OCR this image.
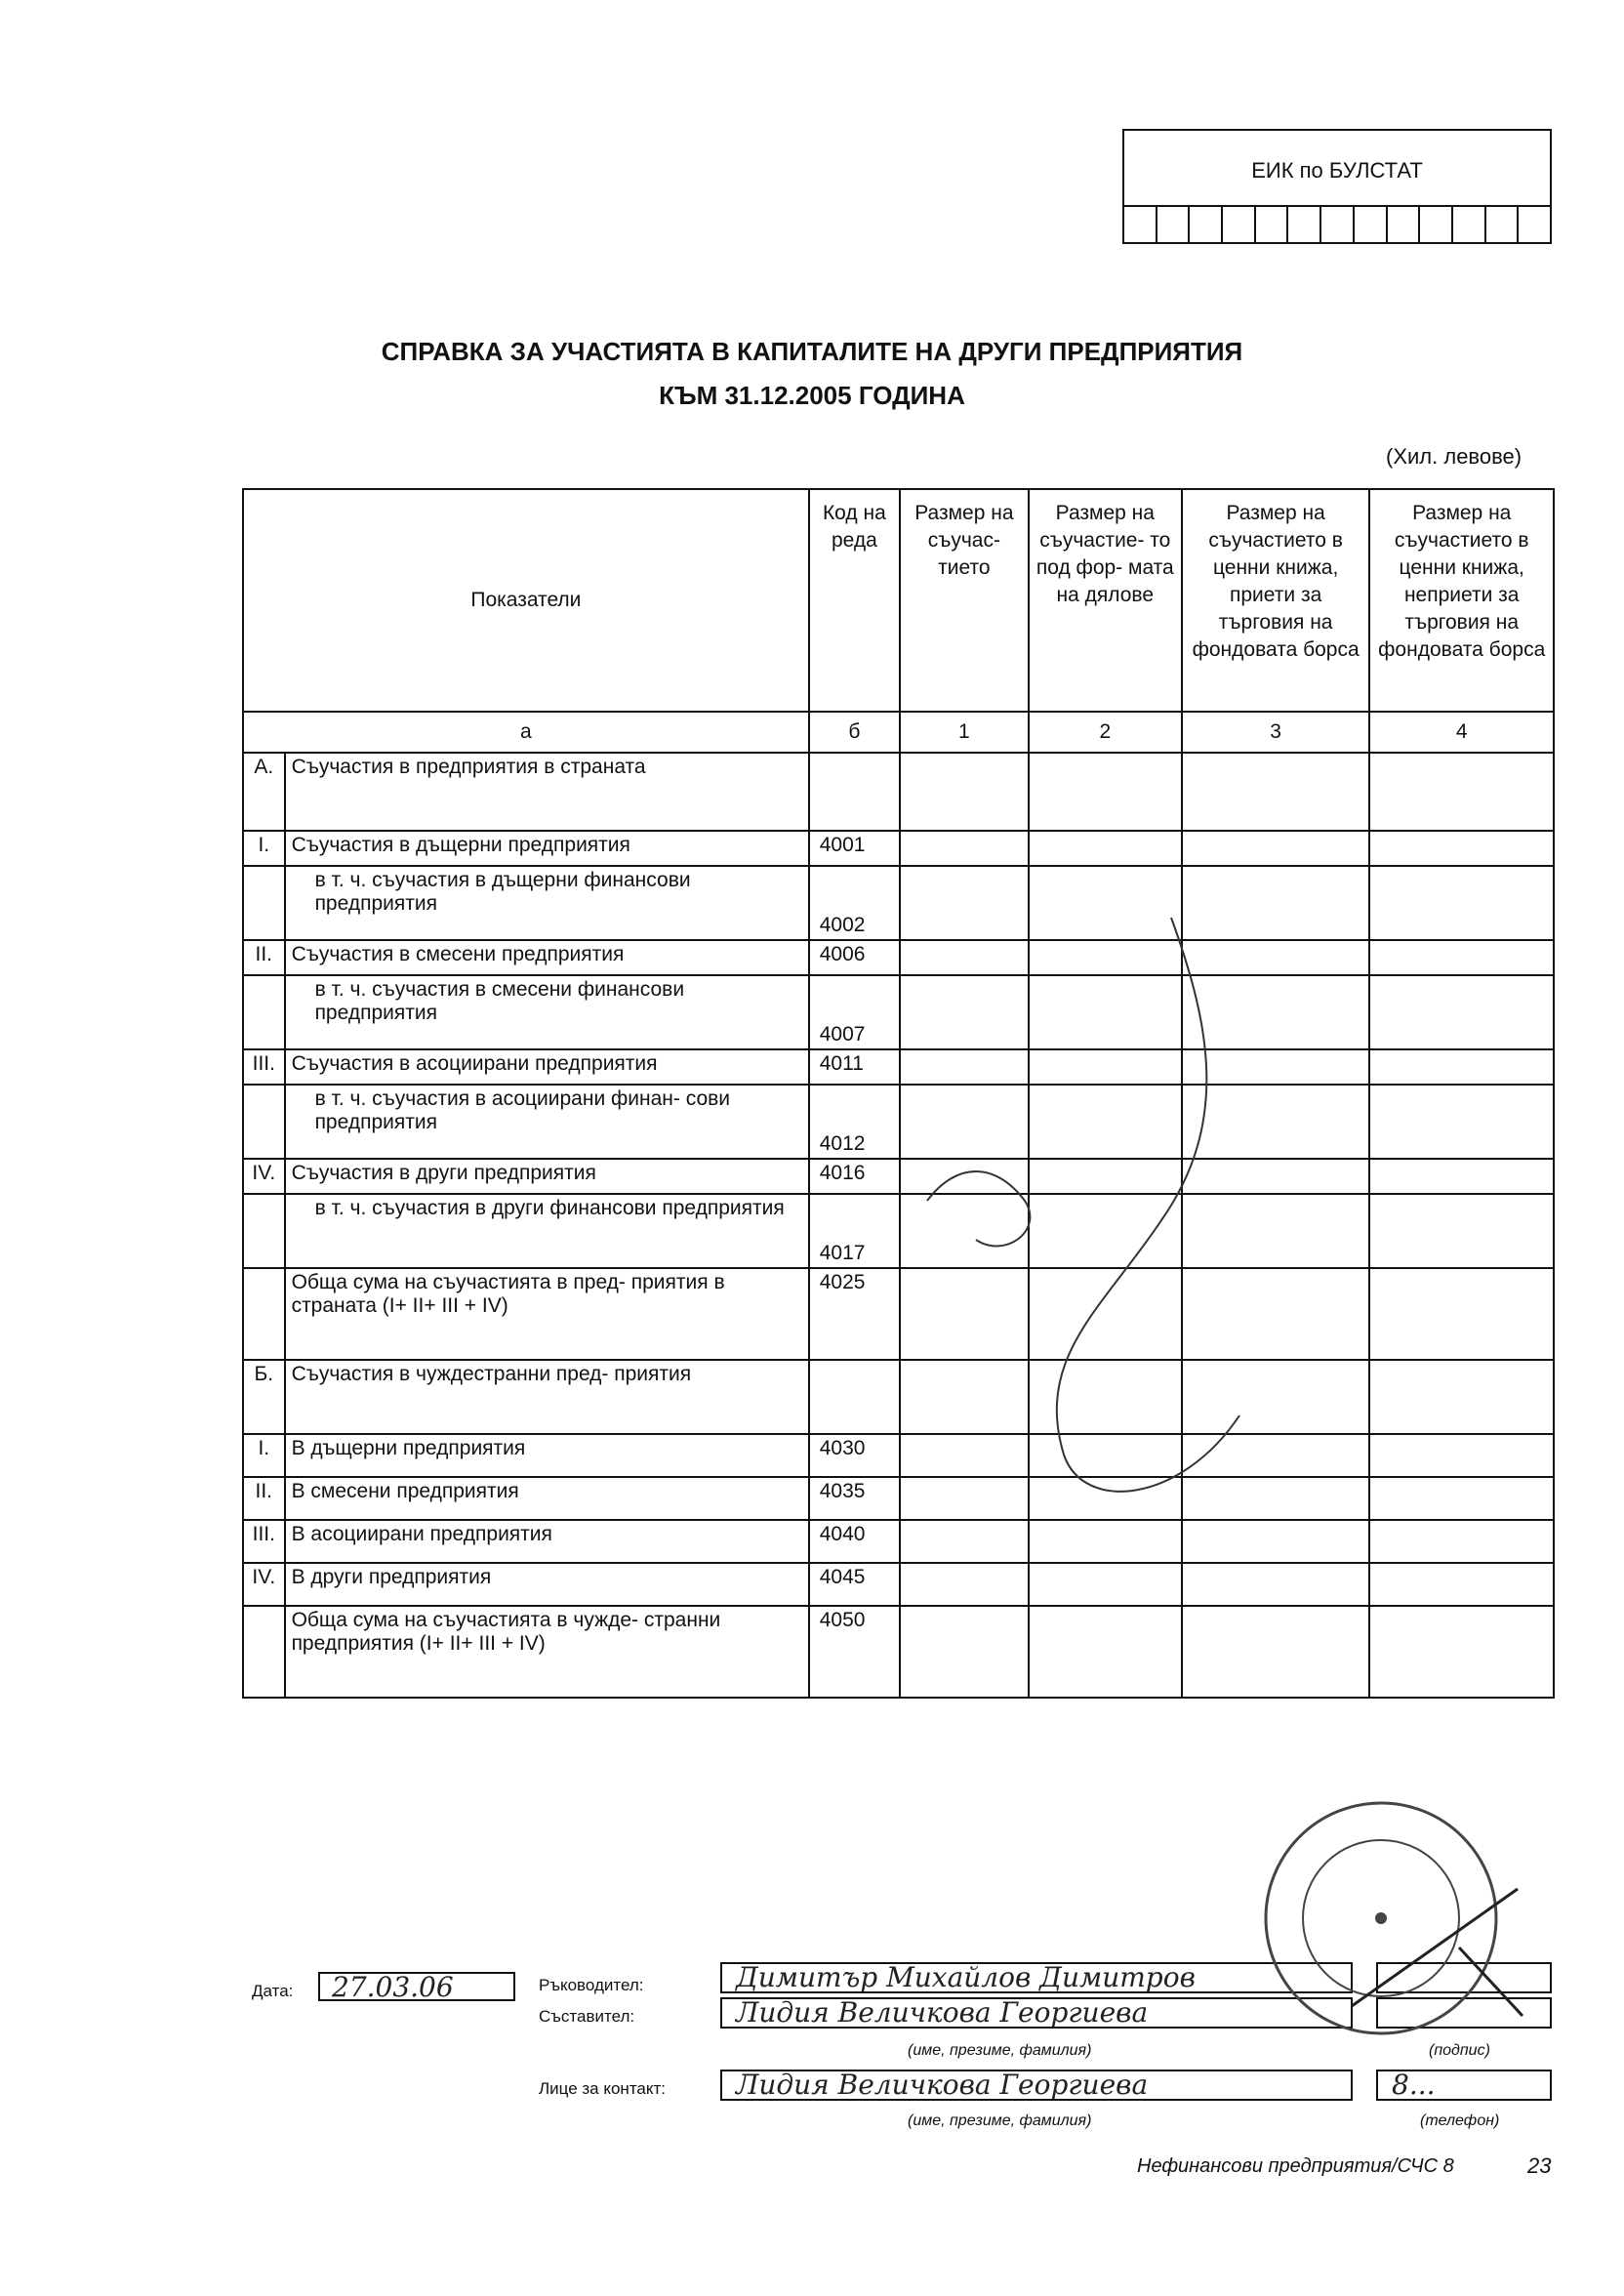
ЕИК по БУЛСТАТ
СПРАВКА ЗА УЧАСТИЯТА В КАПИТАЛИТЕ НА ДРУГИ ПРЕДПРИЯТИЯ
КЪМ 31.12.2005 ГОДИНА
(Хил. левове)
Показатели		Код на реда	Размер на съучас- тието	Размер на съучастие- то под фор- мата на дялове	Размер на съучастието в ценни книжа, приети за търговия на фондовата борса	Размер на съучастието в ценни книжа, неприети за търговия на фондовата борса
а		б	1	2	3	4
А.	Съучастия в предприятия в страната					
I.	Съучастия в дъщерни предприятия	4001				
	в т. ч. съучастия в дъщерни финансови предприятия	4002				
II.	Съучастия в смесени предприятия	4006				
	в т. ч. съучастия в смесени финансови предприятия	4007				
III.	Съучастия в асоциирани предприятия	4011				
	в т. ч. съучастия в асоциирани финан- сови предприятия	4012				
IV.	Съучастия в други предприятия	4016				
	в т. ч. съучастия в други финансови предприятия	4017				
	Обща сума на съучастията в пред- приятия в страната (I+ II+ III + IV)	4025				
Б.	Съучастия в чуждестранни пред- приятия					
I.	В дъщерни предприятия	4030				
II.	В смесени предприятия	4035				
III.	В асоциирани предприятия	4040				
IV.	В други предприятия	4045				
	Обща сума на съучастията в чужде- странни предприятия (I+ II+ III + IV)	4050				
Дата:	27.03.06	Ръководител:	Димитър Михайлов Димитров
Съставител:	Лидия Величкова Георгиева
(име, презиме, фамилия)	(подпис)
Лице за контакт:	Лидия Величкова Георгиева	8...
(име, презиме, фамилия)	(телефон)
Нефинансови предприятия/СЧС 8	23
